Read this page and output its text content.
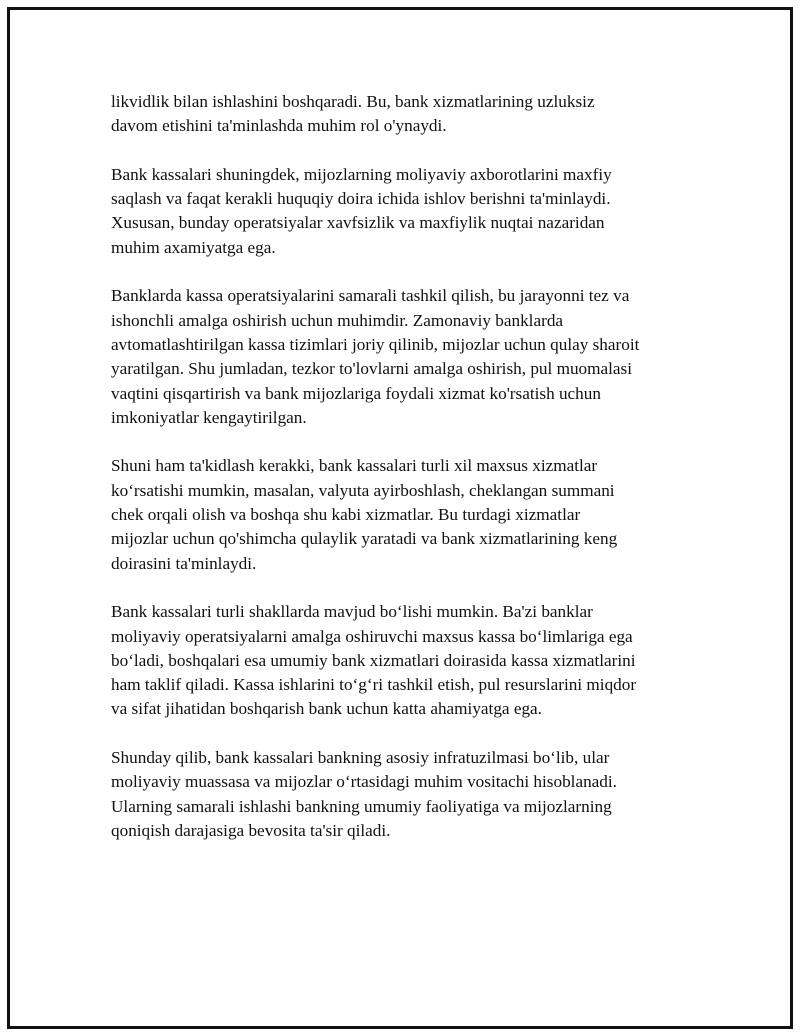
likvidlik bilan ishlashini boshqaradi. Bu, bank xizmatlarining uzluksiz
davom etishini ta'minlashda muhim rol o'ynaydi.

Bank kassalari shuningdek, mijozlarning moliyaviy axborotlarini maxfiy
saqlash va faqat kerakli huquqiy doira ichida ishlov berishni ta'minlaydi.
Xususan, bunday operatsiyalar xavfsizlik va maxfiylik nuqtai nazaridan
muhim axamiyatga ega.

Banklarda kassa operatsiyalarini samarali tashkil qilish, bu jarayonni tez va
ishonchli amalga oshirish uchun muhimdir. Zamonaviy banklarda
avtomatlashtirilgan kassa tizimlari joriy qilinib, mijozlar uchun qulay sharoit
yaratilgan. Shu jumladan, tezkor to'lovlarni amalga oshirish, pul muomalasi
vaqtini qisqartirish va bank mijozlariga foydali xizmat ko'rsatish uchun
imkoniyatlar kengaytirilgan.

Shuni ham ta'kidlash kerakki, bank kassalari turli xil maxsus xizmatlar
ko‘rsatishi mumkin, masalan, valyuta ayirboshlash, cheklangan summani
chek orqali olish va boshqa shu kabi xizmatlar. Bu turdagi xizmatlar
mijozlar uchun qo'shimcha qulaylik yaratadi va bank xizmatlarining keng
doirasini ta'minlaydi.

Bank kassalari turli shakllarda mavjud bo‘lishi mumkin. Ba'zi banklar
moliyaviy operatsiyalarni amalga oshiruvchi maxsus kassa bo‘limlariga ega
bo‘ladi, boshqalari esa umumiy bank xizmatlari doirasida kassa xizmatlarini
ham taklif qiladi. Kassa ishlarini to‘g‘ri tashkil etish, pul resurslarini miqdor
va sifat jihatidan boshqarish bank uchun katta ahamiyatga ega.

Shunday qilib, bank kassalari bankning asosiy infratuzilmasi bo‘lib, ular
moliyaviy muassasa va mijozlar o‘rtasidagi muhim vositachi hisoblanadi.
Ularning samarali ishlashi bankning umumiy faoliyatiga va mijozlarning
qoniqish darajasiga bevosita ta'sir qiladi.
